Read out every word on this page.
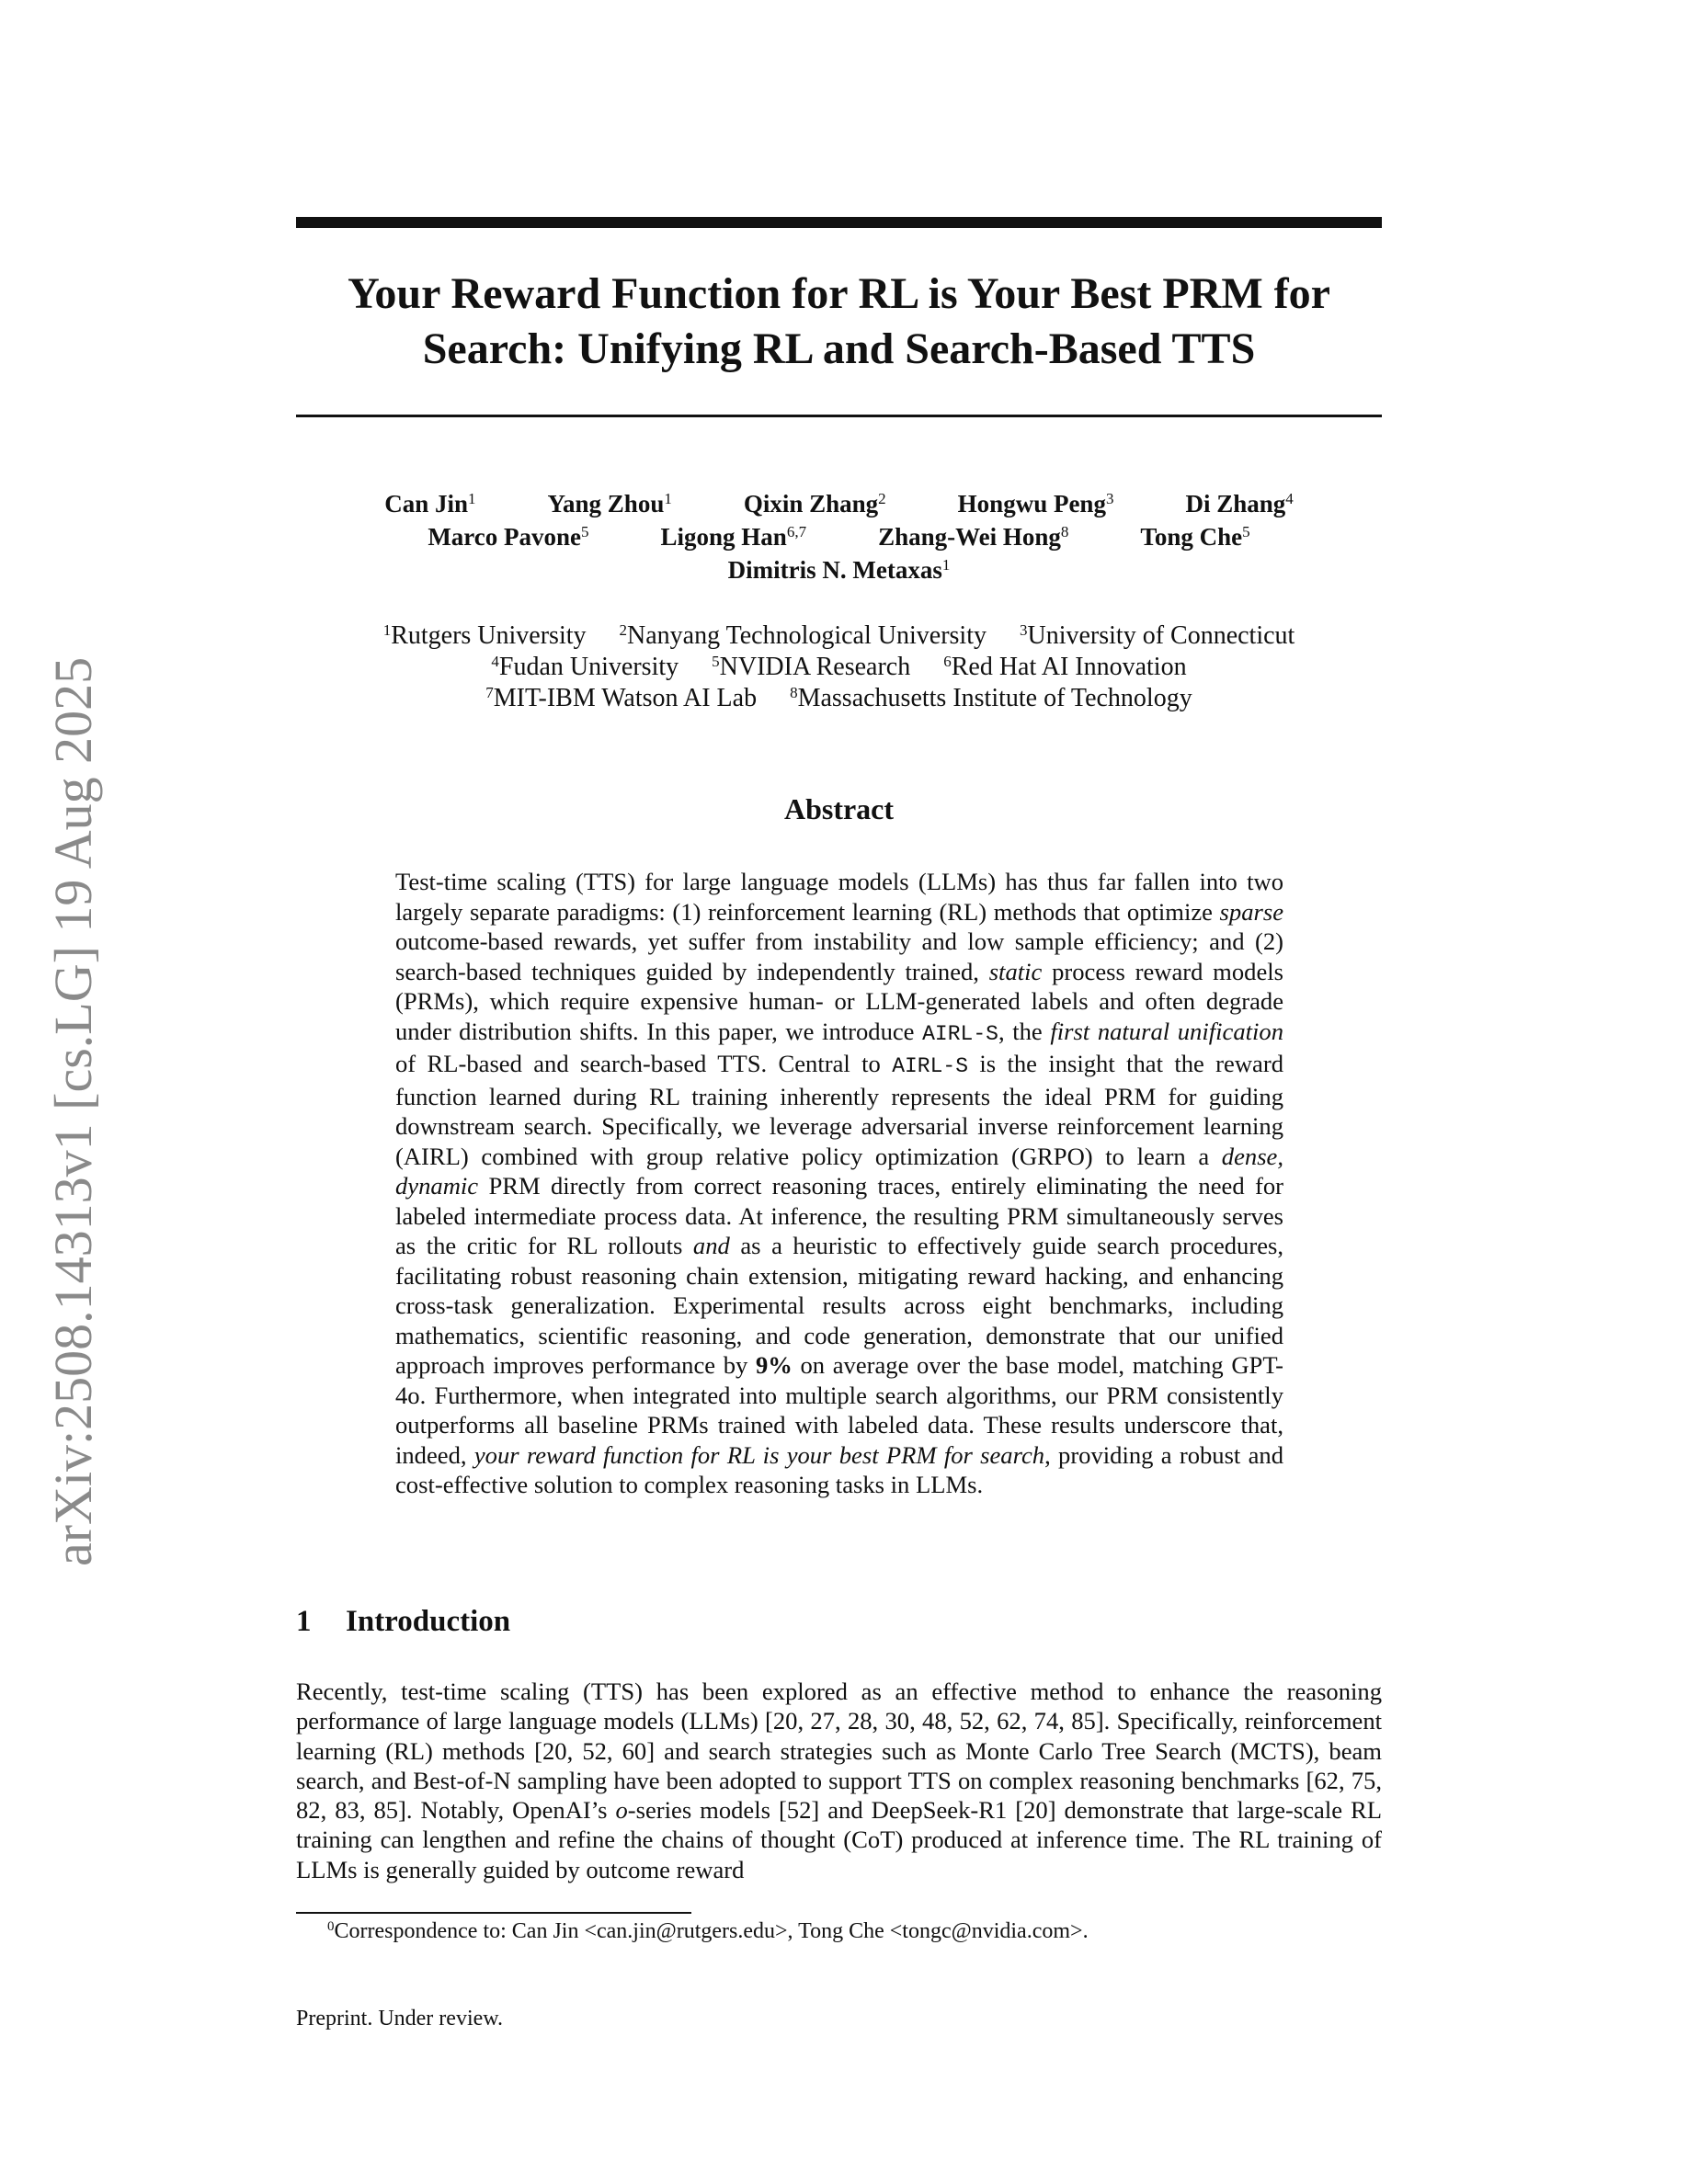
arXiv:2508.14313v1 [cs.LG] 19 Aug 2025
Your Reward Function for RL is Your Best PRM for
Search: Unifying RL and Search-Based TTS
Can Jin$^1$	Yang Zhou$^1$	Qixin Zhang$^2$	Hongwu Peng$^3$	Di Zhang$^4$
Marco Pavone$^5$	Ligong Han$^{6,7}$	Zhang-Wei Hong$^8$	Tong Che$^5$
Dimitris N. Metaxas$^1$
$^1$Rutgers University $^2$Nanyang Technological University $^3$University of Connecticut
$^4$Fudan University $^5$NVIDIA Research $^6$Red Hat AI Innovation
$^7$MIT-IBM Watson AI Lab $^8$Massachusetts Institute of Technology
Abstract
Test-time scaling (TTS) for large language models (LLMs) has thus far fallen into two largely separate paradigms: (1) reinforcement learning (RL) methods that optimize sparse outcome-based rewards, yet suffer from instability and low sample efficiency; and (2) search-based techniques guided by independently trained, static process reward models (PRMs), which require expensive human- or LLM-generated labels and often degrade under distribution shifts. In this paper, we introduce AIRL-S, the first natural unification of RL-based and search-based TTS. Central to AIRL-S is the insight that the reward function learned during RL training inherently represents the ideal PRM for guiding downstream search. Specifically, we leverage adversarial inverse reinforcement learning (AIRL) combined with group relative policy optimization (GRPO) to learn a dense, dynamic PRM directly from correct reasoning traces, entirely eliminating the need for labeled intermediate process data. At inference, the resulting PRM simultaneously serves as the critic for RL rollouts and as a heuristic to effectively guide search procedures, facilitating robust reasoning chain extension, mitigating reward hacking, and enhancing cross-task generalization. Experimental results across eight benchmarks, including mathematics, scientific reasoning, and code generation, demonstrate that our unified approach improves performance by 9% on average over the base model, matching GPT-4o. Furthermore, when integrated into multiple search algorithms, our PRM consistently outperforms all baseline PRMs trained with labeled data. These results underscore that, indeed, your reward function for RL is your best PRM for search, providing a robust and cost-effective solution to complex reasoning tasks in LLMs.
1 Introduction
Recently, test-time scaling (TTS) has been explored as an effective method to enhance the reasoning performance of large language models (LLMs) [20, 27, 28, 30, 48, 52, 62, 74, 85]. Specifically, reinforcement learning (RL) methods [20, 52, 60] and search strategies such as Monte Carlo Tree Search (MCTS), beam search, and Best-of-N sampling have been adopted to support TTS on complex reasoning benchmarks [62, 75, 82, 83, 85]. Notably, OpenAI’s o-series models [52] and DeepSeek-R1 [20] demonstrate that large-scale RL training can lengthen and refine the chains of thought (CoT) produced at inference time. The RL training of LLMs is generally guided by outcome reward
$^0$Correspondence to: Can Jin <can.jin@rutgers.edu>, Tong Che <tongc@nvidia.com>.
Preprint. Under review.
